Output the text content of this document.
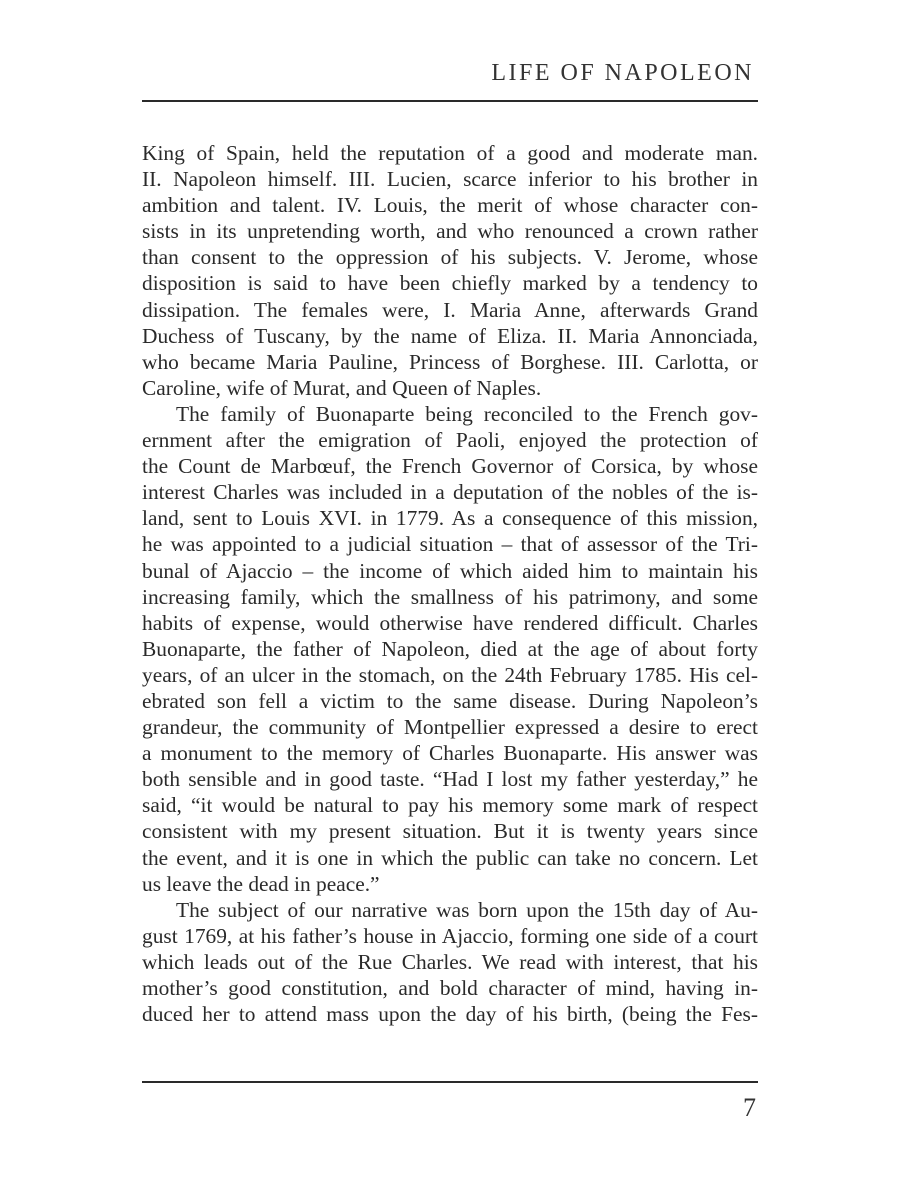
LIFE OF NAPOLEON
King of Spain, held the reputation of a good and moderate man.
II. Napoleon himself. III. Lucien, scarce inferior to his brother in
ambition and talent. IV. Louis, the merit of whose character con-
sists in its unpretending worth, and who renounced a crown rather
than consent to the oppression of his subjects. V. Jerome, whose
disposition is said to have been chiefly marked by a tendency to
dissipation. The females were, I. Maria Anne, afterwards Grand
Duchess of Tuscany, by the name of Eliza. II. Maria Annonciada,
who became Maria Pauline, Princess of Borghese. III. Carlotta, or
Caroline, wife of Murat, and Queen of Naples.
The family of Buonaparte being reconciled to the French gov-
ernment after the emigration of Paoli, enjoyed the protection of
the Count de Marbœuf, the French Governor of Corsica, by whose
interest Charles was included in a deputation of the nobles of the is-
land, sent to Louis XVI. in 1779. As a consequence of this mission,
he was appointed to a judicial situation – that of assessor of the Tri-
bunal of Ajaccio – the income of which aided him to maintain his
increasing family, which the smallness of his patrimony, and some
habits of expense, would otherwise have rendered difficult. Charles
Buonaparte, the father of Napoleon, died at the age of about forty
years, of an ulcer in the stomach, on the 24th February 1785. His cel-
ebrated son fell a victim to the same disease. During Napoleon’s
grandeur, the community of Montpellier expressed a desire to erect
a monument to the memory of Charles Buonaparte. His answer was
both sensible and in good taste. “Had I lost my father yesterday,” he
said, “it would be natural to pay his memory some mark of respect
consistent with my present situation. But it is twenty years since
the event, and it is one in which the public can take no concern. Let
us leave the dead in peace.”
The subject of our narrative was born upon the 15th day of Au-
gust 1769, at his father’s house in Ajaccio, forming one side of a court
which leads out of the Rue Charles. We read with interest, that his
mother’s good constitution, and bold character of mind, having in-
duced her to attend mass upon the day of his birth, (being the Fes-
7
